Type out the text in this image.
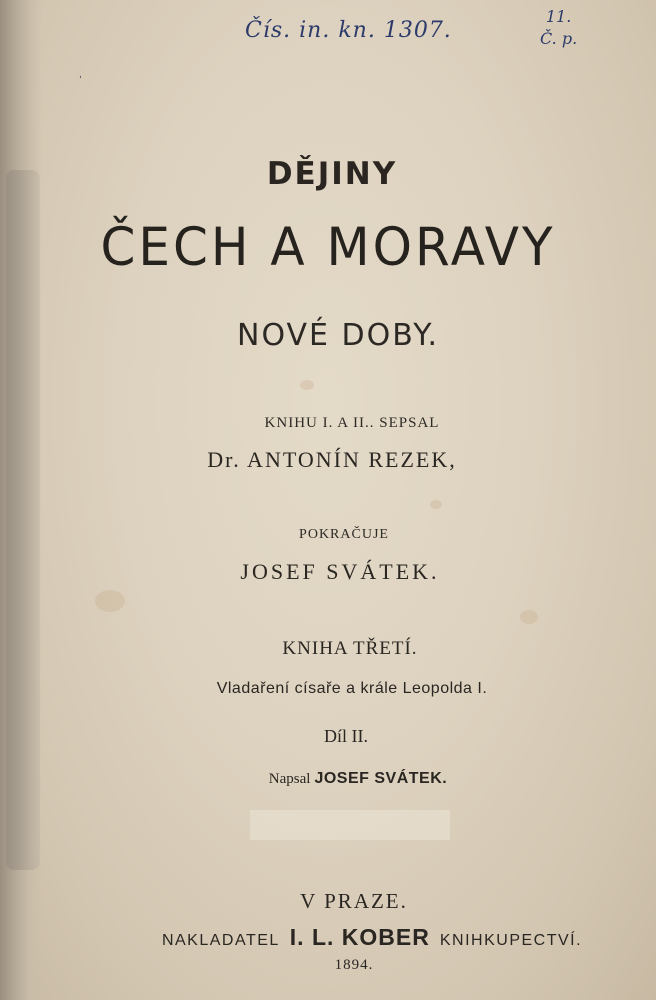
Čís. in. kn. 1307.
11.
Č. p.
ˌ
DĚJINY
ČECH A MORAVY
NOVÉ DOBY.
KNIHU I. A II.. SEPSAL
Dr. ANTONÍN REZEK,
POKRAČUJE
JOSEF SVÁTEK.
KNIHA TŘETÍ.
Vladaření císaře a krále Leopolda I.
Díl II.
Napsal JOSEF SVÁTEK.
V PRAZE.
NAKLADATEL I. L. KOBER KNIHKUPECTVÍ.
1894.
